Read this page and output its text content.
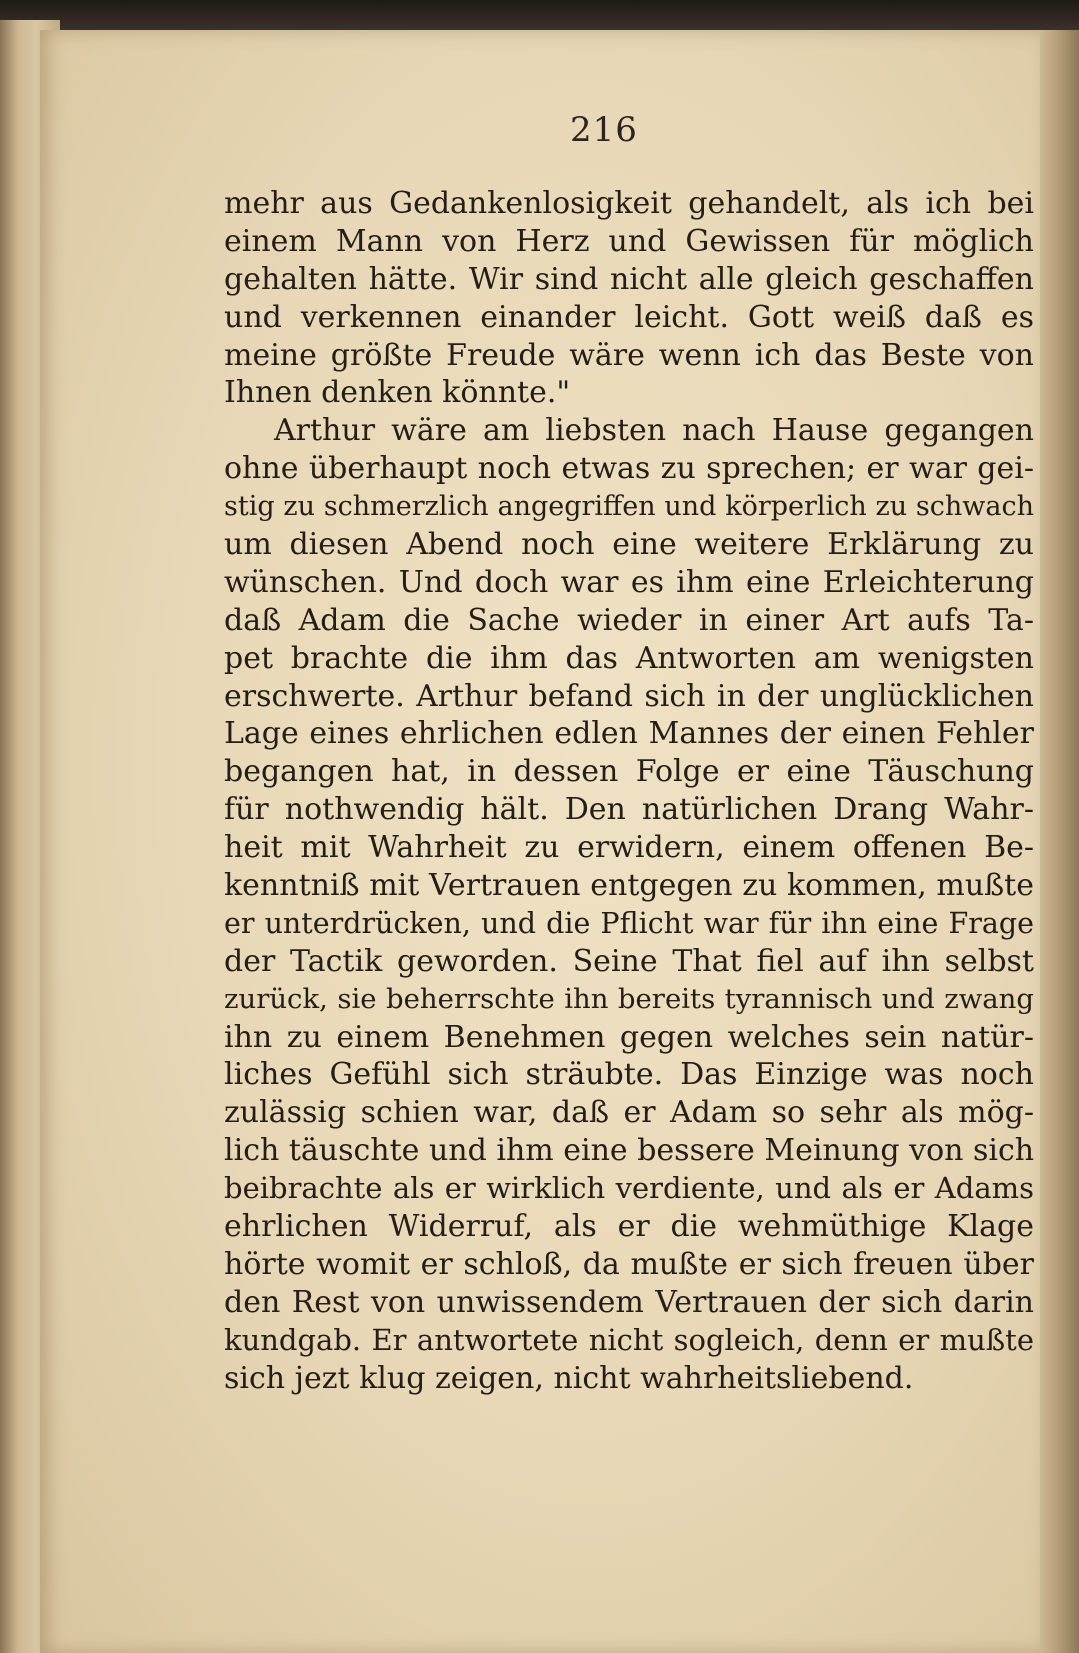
216
mehr aus Gedankenlosigkeit gehandelt, als ich bei
einem Mann von Herz und Gewissen für möglich
gehalten hätte. Wir sind nicht alle gleich geschaffen
und verkennen einander leicht. Gott weiß daß es
meine größte Freude wäre wenn ich das Beste von
Ihnen denken könnte."
Arthur wäre am liebsten nach Hause gegangen
ohne überhaupt noch etwas zu sprechen; er war gei-
stig zu schmerzlich angegriffen und körperlich zu schwach
um diesen Abend noch eine weitere Erklärung zu
wünschen. Und doch war es ihm eine Erleichterung
daß Adam die Sache wieder in einer Art aufs Ta-
pet brachte die ihm das Antworten am wenigsten
erschwerte. Arthur befand sich in der unglücklichen
Lage eines ehrlichen edlen Mannes der einen Fehler
begangen hat, in dessen Folge er eine Täuschung
für nothwendig hält. Den natürlichen Drang Wahr-
heit mit Wahrheit zu erwidern, einem offenen Be-
kenntniß mit Vertrauen entgegen zu kommen, mußte
er unterdrücken, und die Pflicht war für ihn eine Frage
der Tactik geworden. Seine That fiel auf ihn selbst
zurück, sie beherrschte ihn bereits tyrannisch und zwang
ihn zu einem Benehmen gegen welches sein natür-
liches Gefühl sich sträubte. Das Einzige was noch
zulässig schien war, daß er Adam so sehr als mög-
lich täuschte und ihm eine bessere Meinung von sich
beibrachte als er wirklich verdiente, und als er Adams
ehrlichen Widerruf, als er die wehmüthige Klage
hörte womit er schloß, da mußte er sich freuen über
den Rest von unwissendem Vertrauen der sich darin
kundgab. Er antwortete nicht sogleich, denn er mußte
sich jezt klug zeigen, nicht wahrheitsliebend.
